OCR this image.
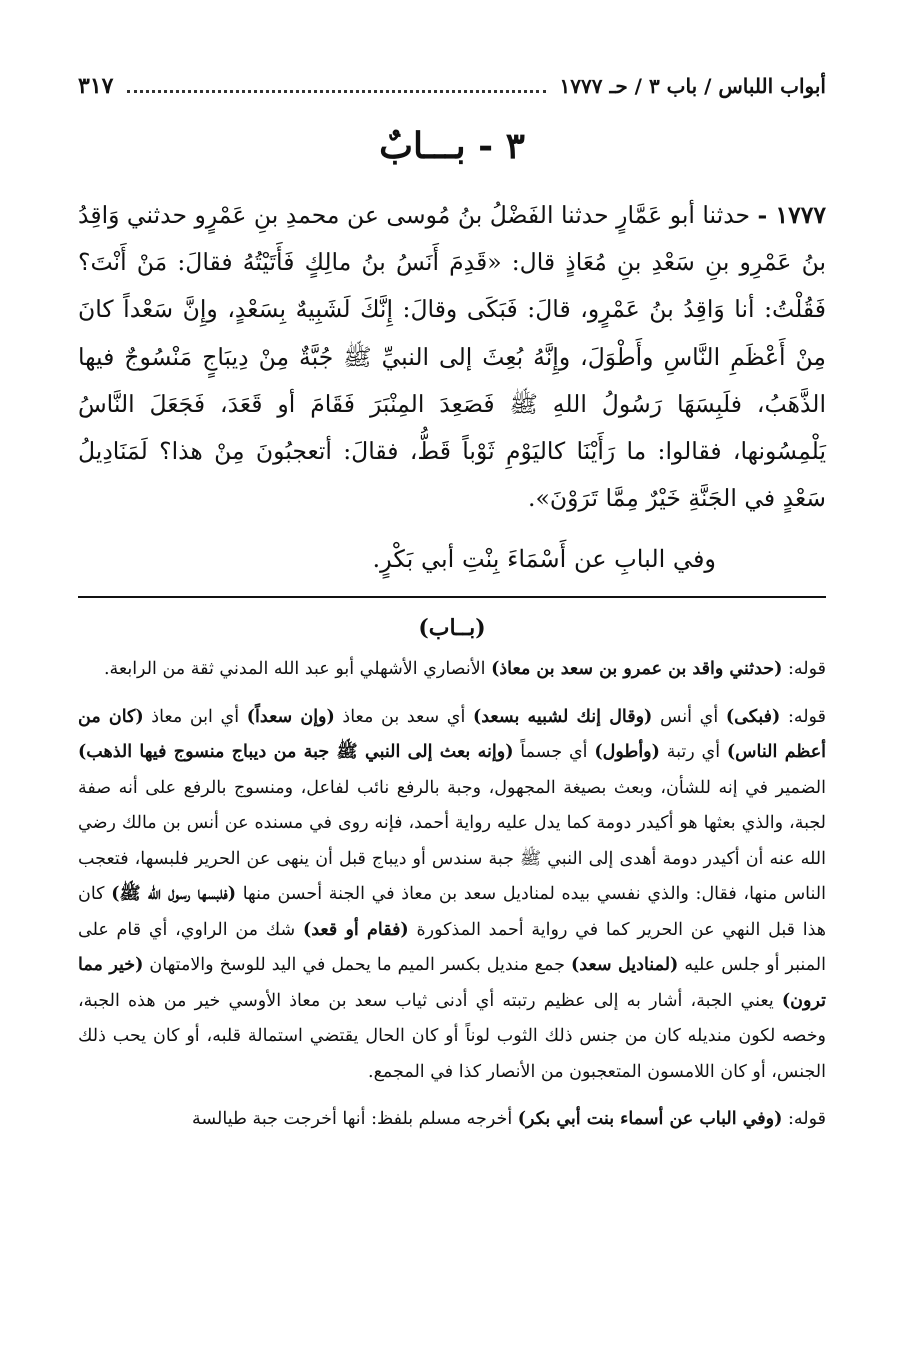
أبواب اللباس / باب ٣ / حـ ١٧٧٧
٣١٧
٣ - بـــابٌ

١٧٧٧ - حدثنا أبو عَمَّارٍ حدثنا الفَضْلُ بنُ مُوسى عن محمدِ بنِ عَمْرٍو حدثني وَاقِدُ بنُ عَمْرِو بنِ سَعْدِ بنِ مُعَاذٍ قال: «قَدِمَ أَنَسُ بنُ مالِكٍ فَأَتَيْتُهُ فقالَ: مَنْ أَنْتَ؟ فَقُلْتُ: أنا وَاقِدُ بنُ عَمْرٍو، قالَ: فَبَكَى وقالَ: إِنَّكَ لَشَبِيهٌ بِسَعْدٍ، وإِنَّ سَعْداً كانَ مِنْ أَعْظَمِ النَّاسِ وأَطْوَلَ، وإِنَّهُ بُعِثَ إلى النبيِّ ﷺ جُبَّةٌ مِنْ دِيبَاجٍ مَنْسُوجٌ فيها الذَّهَبُ، فلَبِسَهَا رَسُولُ اللهِ ﷺ فَصَعِدَ المِنْبَرَ فَقَامَ أو قَعَدَ، فَجَعَلَ النَّاسُ يَلْمِسُونها، فقالوا: ما رَأَيْنَا كاليَوْمِ ثَوْباً قَطُّ، فقالَ: أتعجبُونَ مِنْ هذا؟ لَمَنَادِيلُ سَعْدٍ في الجَنَّةِ خَيْرٌ مِمَّا تَرَوْنَ».

وفي البابِ عن أَسْمَاءَ بِنْتِ أبي بَكْرٍ.
(بــاب)

قوله: (حدثني واقد بن عمرو بن سعد بن معاذ) الأنصاري الأشهلي أبو عبد الله المدني ثقة من الرابعة.

قوله: (فبكى) أي أنس (وقال إنك لشبيه بسعد) أي سعد بن معاذ (وإن سعداً) أي ابن معاذ (كان من أعظم الناس) أي رتبة (وأطول) أي جسماً (وإنه بعث إلى النبي ﷺ جبة من ديباج منسوج فيها الذهب) الضمير في إنه للشأن، وبعث بصيغة المجهول، وجبة بالرفع نائب لفاعل، ومنسوج بالرفع على أنه صفة لجبة، والذي بعثها هو أكيدر دومة كما يدل عليه رواية أحمد، فإنه روى في مسنده عن أنس بن مالك رضي الله عنه أن أكيدر دومة أهدى إلى النبي ﷺ جبة سندس أو ديباج قبل أن ينهى عن الحرير فلبسها، فتعجب الناس منها، فقال: والذي نفسي بيده لمناديل سعد بن معاذ في الجنة أحسن منها (فلبسها رسول الله ﷺ) كان هذا قبل النهي عن الحرير كما في رواية أحمد المذكورة (فقام أو قعد) شك من الراوي، أي قام على المنبر أو جلس عليه (لمناديل سعد) جمع منديل بكسر الميم ما يحمل في اليد للوسخ والامتهان (خير مما ترون) يعني الجبة، أشار به إلى عظيم رتبته أي أدنى ثياب سعد بن معاذ الأوسي خير من هذه الجبة، وخصه لكون منديله كان من جنس ذلك الثوب لوناً أو كان الحال يقتضي استمالة قلبه، أو كان يحب ذلك الجنس، أو كان اللامسون المتعجبون من الأنصار كذا في المجمع.

قوله: (وفي الباب عن أسماء بنت أبي بكر) أخرجه مسلم بلفظ: أنها أخرجت جبة طيالسة
